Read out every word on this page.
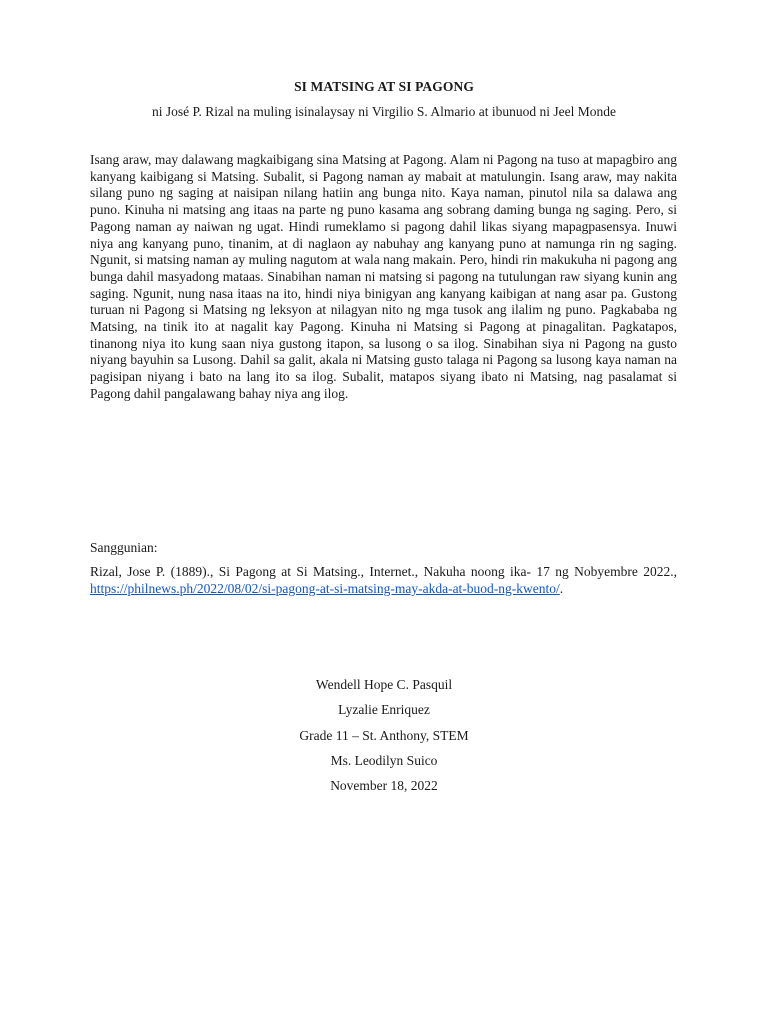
SI MATSING AT SI PAGONG
ni José P. Rizal na muling isinalaysay ni Virgilio S. Almario at ibunuod ni Jeel Monde
Isang araw, may dalawang magkaibigang sina Matsing at Pagong. Alam ni Pagong na tuso at mapagbiro ang kanyang kaibigang si Matsing. Subalit, si Pagong naman ay mabait at matulungin. Isang araw, may nakita silang puno ng saging at naisipan nilang hatiin ang bunga nito. Kaya naman, pinutol nila sa dalawa ang puno. Kinuha ni matsing ang itaas na parte ng puno kasama ang sobrang daming bunga ng saging. Pero, si Pagong naman ay naiwan ng ugat. Hindi rumeklamo si pagong dahil likas siyang mapagpasensya. Inuwi niya ang kanyang puno, tinanim, at di naglaon ay nabuhay ang kanyang puno at namunga rin ng saging. Ngunit, si matsing naman ay muling nagutom at wala nang makain. Pero, hindi rin makukuha ni pagong ang bunga dahil masyadong mataas. Sinabihan naman ni matsing si pagong na tutulungan raw siyang kunin ang saging. Ngunit, nung nasa itaas na ito, hindi niya binigyan ang kanyang kaibigan at nang asar pa. Gustong turuan ni Pagong si Matsing ng leksyon at nilagyan nito ng mga tusok ang ilalim ng puno. Pagkababa ng Matsing, na tinik ito at nagalit kay Pagong. Kinuha ni Matsing si Pagong at pinagalitan. Pagkatapos, tinanong niya ito kung saan niya gustong itapon, sa lusong o sa ilog. Sinabihan siya ni Pagong na gusto niyang bayuhin sa Lusong. Dahil sa galit, akala ni Matsing gusto talaga ni Pagong sa lusong kaya naman na pagisipan niyang i bato na lang ito sa ilog. Subalit, matapos siyang ibato ni Matsing, nag pasalamat si Pagong dahil pangalawang bahay niya ang ilog.
Sanggunian:
Rizal, Jose P. (1889)., Si Pagong at Si Matsing., Internet., Nakuha noong ika- 17 ng Nobyembre 2022., https://philnews.ph/2022/08/02/si-pagong-at-si-matsing-may-akda-at-buod-ng-kwento/.
Wendell Hope C. Pasquil
Lyzalie Enriquez
Grade 11 – St. Anthony, STEM
Ms. Leodilyn Suico
November 18, 2022
